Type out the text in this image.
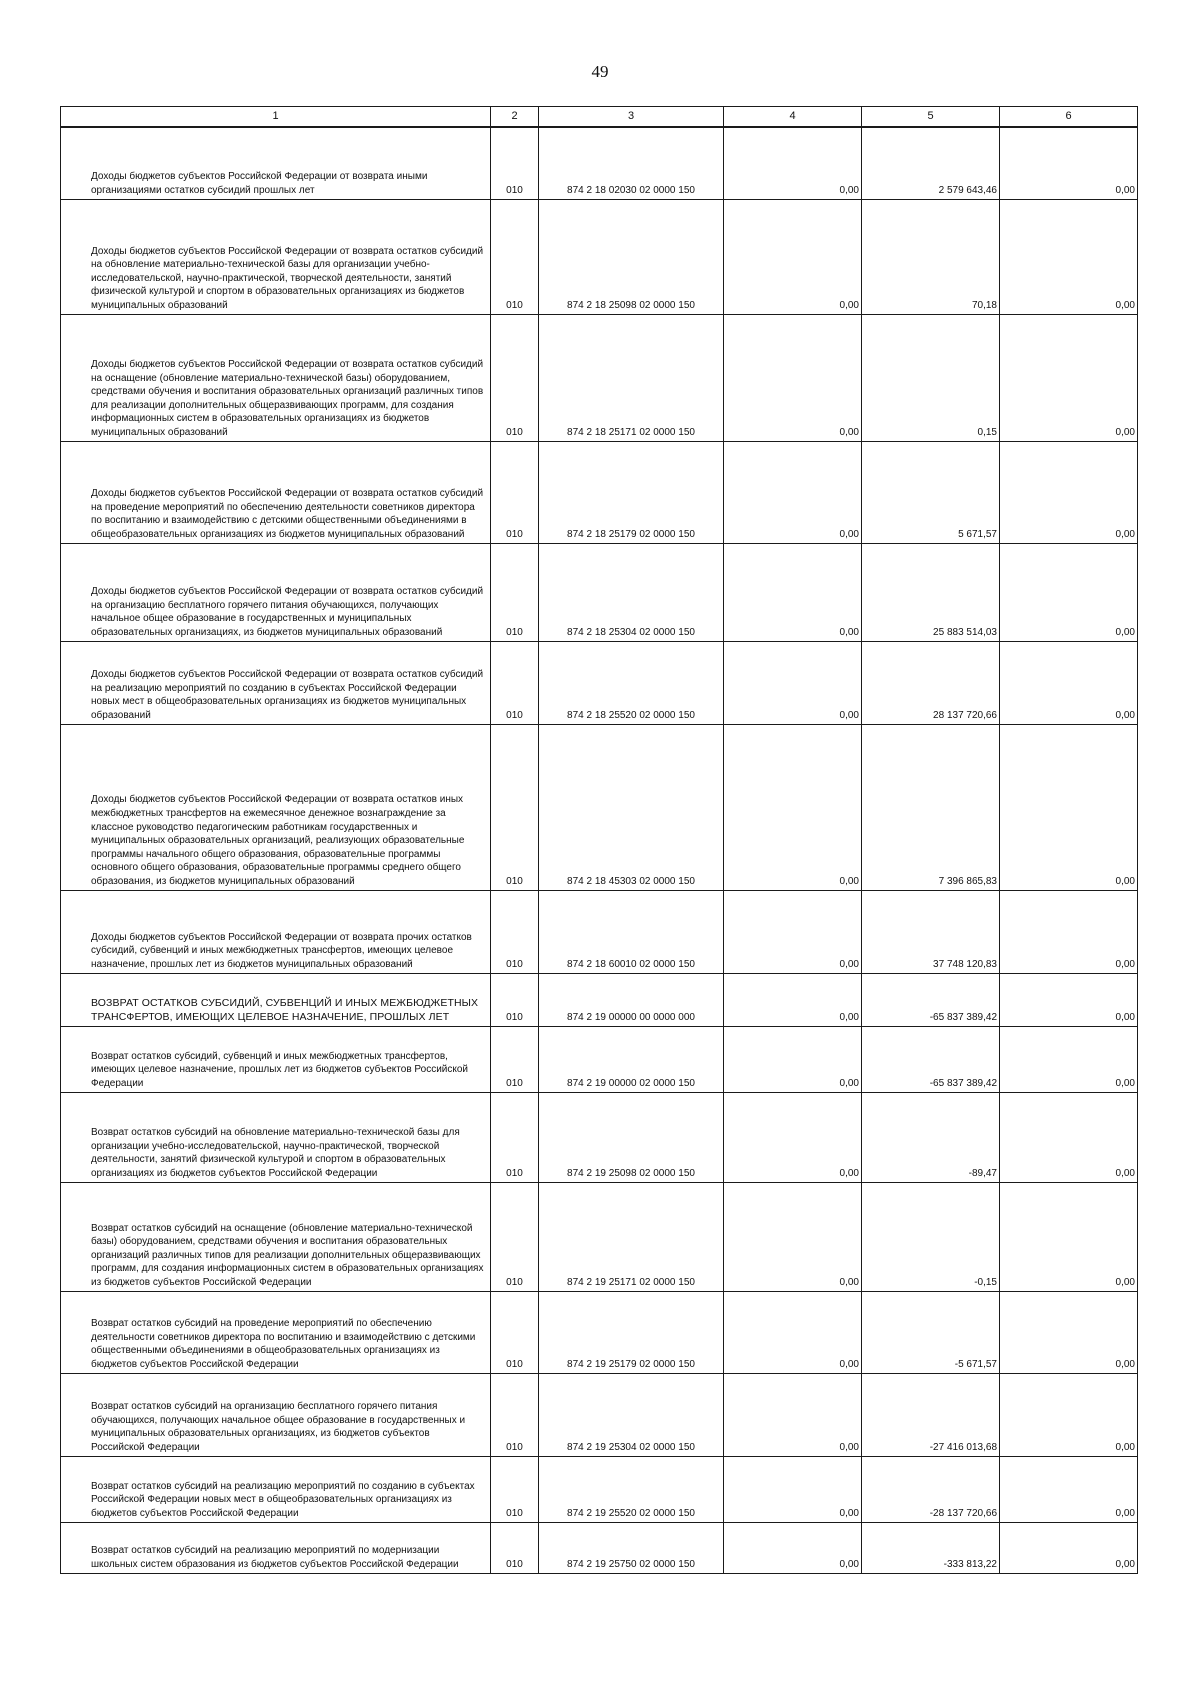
49
1	2	3	4	5	6
Доходы бюджетов субъектов Российской Федерации от возврата иными организациями остатков субсидий прошлых лет	010	874 2 18 02030 02 0000 150	0,00	2 579 643,46	0,00
Доходы бюджетов субъектов Российской Федерации от возврата остатков субсидий на обновление материально-технической базы для организации учебно-исследовательской, научно-практической, творческой деятельности, занятий физической культурой и спортом в образовательных организациях из бюджетов муниципальных образований	010	874 2 18 25098 02 0000 150	0,00	70,18	0,00
Доходы бюджетов субъектов Российской Федерации от возврата остатков субсидий на оснащение (обновление материально-технической базы) оборудованием, средствами обучения и воспитания образовательных организаций различных типов для реализации дополнительных общеразвивающих программ, для создания информационных систем в образовательных организациях из бюджетов муниципальных образований	010	874 2 18 25171 02 0000 150	0,00	0,15	0,00
Доходы бюджетов субъектов Российской Федерации от возврата остатков субсидий на проведение мероприятий по обеспечению деятельности советников директора по воспитанию и взаимодействию с детскими общественными объединениями в общеобразовательных организациях из бюджетов муниципальных образований	010	874 2 18 25179 02 0000 150	0,00	5 671,57	0,00
Доходы бюджетов субъектов Российской Федерации от возврата остатков субсидий на организацию бесплатного горячего питания обучающихся, получающих начальное общее образование в государственных и муниципальных образовательных организациях, из бюджетов муниципальных образований	010	874 2 18 25304 02 0000 150	0,00	25 883 514,03	0,00
Доходы бюджетов субъектов Российской Федерации от возврата остатков субсидий на реализацию мероприятий по созданию в субъектах Российской Федерации новых мест в общеобразовательных организациях из бюджетов муниципальных образований	010	874 2 18 25520 02 0000 150	0,00	28 137 720,66	0,00
Доходы бюджетов субъектов Российской Федерации от возврата остатков иных межбюджетных трансфертов на ежемесячное денежное вознаграждение за классное руководство педагогическим работникам государственных и муниципальных образовательных организаций, реализующих образовательные программы начального общего образования, образовательные программы основного общего образования, образовательные программы среднего общего образования, из бюджетов муниципальных образований	010	874 2 18 45303 02 0000 150	0,00	7 396 865,83	0,00
Доходы бюджетов субъектов Российской Федерации от возврата прочих остатков субсидий, субвенций и иных межбюджетных трансфертов, имеющих целевое назначение, прошлых лет из бюджетов муниципальных образований	010	874 2 18 60010 02 0000 150	0,00	37 748 120,83	0,00
ВОЗВРАТ ОСТАТКОВ СУБСИДИЙ, СУБВЕНЦИЙ И ИНЫХ МЕЖБЮДЖЕТНЫХ ТРАНСФЕРТОВ, ИМЕЮЩИХ ЦЕЛЕВОЕ НАЗНАЧЕНИЕ, ПРОШЛЫХ ЛЕТ	010	874 2 19 00000 00 0000 000	0,00	-65 837 389,42	0,00
Возврат остатков субсидий, субвенций и иных межбюджетных трансфертов, имеющих целевое назначение, прошлых лет из бюджетов субъектов Российской Федерации	010	874 2 19 00000 02 0000 150	0,00	-65 837 389,42	0,00
Возврат остатков субсидий на обновление материально-технической базы для организации учебно-исследовательской, научно-практической, творческой деятельности, занятий физической культурой и спортом в образовательных организациях из бюджетов субъектов Российской Федерации	010	874 2 19 25098 02 0000 150	0,00	-89,47	0,00
Возврат остатков субсидий на оснащение (обновление материально-технической базы) оборудованием, средствами обучения и воспитания образовательных организаций различных типов для реализации дополнительных общеразвивающих программ, для создания информационных систем в образовательных организациях из бюджетов субъектов Российской Федерации	010	874 2 19 25171 02 0000 150	0,00	-0,15	0,00
Возврат остатков субсидий на проведение мероприятий по обеспечению деятельности советников директора по воспитанию и взаимодействию с детскими общественными объединениями в общеобразовательных организациях из бюджетов субъектов Российской Федерации	010	874 2 19 25179 02 0000 150	0,00	-5 671,57	0,00
Возврат остатков субсидий на организацию бесплатного горячего питания обучающихся, получающих начальное общее образование в государственных и муниципальных образовательных организациях, из бюджетов субъектов Российской Федерации	010	874 2 19 25304 02 0000 150	0,00	-27 416 013,68	0,00
Возврат остатков субсидий на реализацию мероприятий по созданию в субъектах Российской Федерации новых мест в общеобразовательных организациях из бюджетов субъектов Российской Федерации	010	874 2 19 25520 02 0000 150	0,00	-28 137 720,66	0,00
Возврат остатков субсидий на реализацию мероприятий по модернизации школьных систем образования из бюджетов субъектов Российской Федерации	010	874 2 19 25750 02 0000 150	0,00	-333 813,22	0,00
